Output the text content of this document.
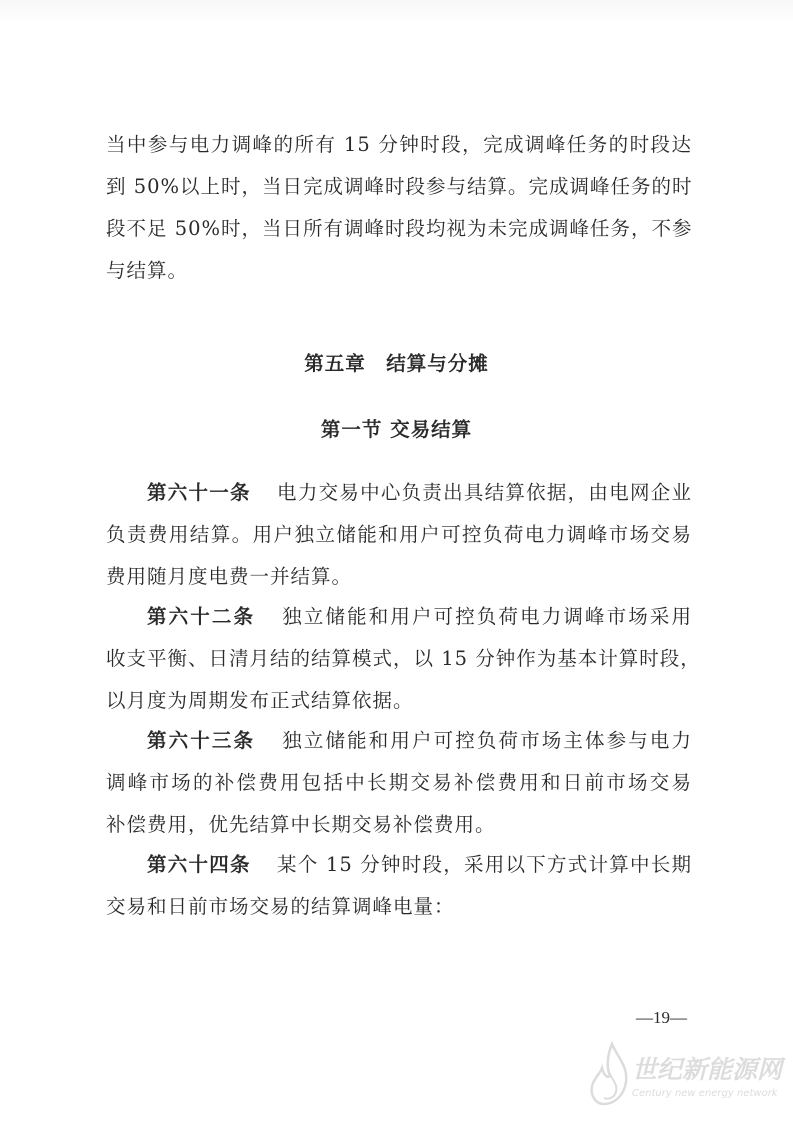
当中参与电力调峰的所有 15 分钟时段，完成调峰任务的时段达
到 50%以上时，当日完成调峰时段参与结算。完成调峰任务的时
段不足 50%时，当日所有调峰时段均视为未完成调峰任务，不参
与结算。
第五章　结算与分摊
第一节 交易结算
第六十一条 电力交易中心负责出具结算依据，由电网企业
负责费用结算。用户独立储能和用户可控负荷电力调峰市场交易
费用随月度电费一并结算。
第六十二条 独立储能和用户可控负荷电力调峰市场采用
收支平衡、日清月结的结算模式，以 15 分钟作为基本计算时段，
以月度为周期发布正式结算依据。
第六十三条 独立储能和用户可控负荷市场主体参与电力
调峰市场的补偿费用包括中长期交易补偿费用和日前市场交易
补偿费用，优先结算中长期交易补偿费用。
第六十四条 某个 15 分钟时段，采用以下方式计算中长期
交易和日前市场交易的结算调峰电量：
—19—
世纪新能源网
Century new energy network
